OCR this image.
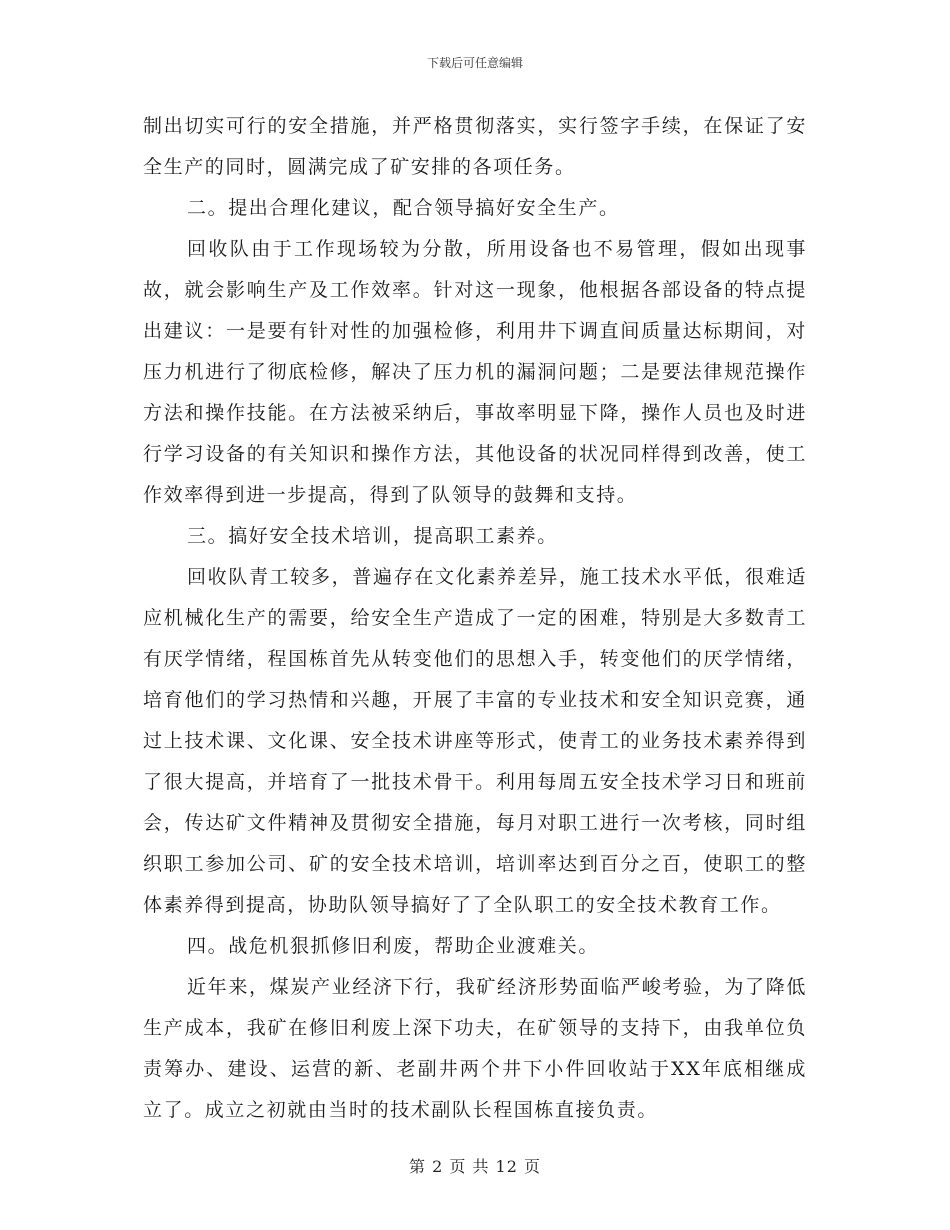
下载后可任意编辑

制出切实可行的安全措施，并严格贯彻落实，实行签字手续，在保证了安全生产的同时，圆满完成了矿安排的各项任务。

二。提出合理化建议，配合领导搞好安全生产。

回收队由于工作现场较为分散，所用设备也不易管理，假如出现事故，就会影响生产及工作效率。针对这一现象，他根据各部设备的特点提出建议：一是要有针对性的加强检修，利用井下调直间质量达标期间，对压力机进行了彻底检修，解决了压力机的漏洞问题；二是要法律规范操作方法和操作技能。在方法被采纳后，事故率明显下降，操作人员也及时进行学习设备的有关知识和操作方法，其他设备的状况同样得到改善，使工作效率得到进一步提高，得到了队领导的鼓舞和支持。

三。搞好安全技术培训，提高职工素养。

回收队青工较多，普遍存在文化素养差异，施工技术水平低，很难适应机械化生产的需要，给安全生产造成了一定的困难，特别是大多数青工有厌学情绪，程国栋首先从转变他们的思想入手，转变他们的厌学情绪，培育他们的学习热情和兴趣，开展了丰富的专业技术和安全知识竞赛，通过上技术课、文化课、安全技术讲座等形式，使青工的业务技术素养得到了很大提高，并培育了一批技术骨干。利用每周五安全技术学习日和班前会，传达矿文件精神及贯彻安全措施，每月对职工进行一次考核，同时组织职工参加公司、矿的安全技术培训，培训率达到百分之百，使职工的整体素养得到提高，协助队领导搞好了了全队职工的安全技术教育工作。

四。战危机狠抓修旧利废，帮助企业渡难关。

近年来，煤炭产业经济下行，我矿经济形势面临严峻考验，为了降低生产成本，我矿在修旧利废上深下功夫，在矿领导的支持下，由我单位负责筹办、建设、运营的新、老副井两个井下小件回收站于XX年底相继成立了。成立之初就由当时的技术副队长程国栋直接负责。

第 2 页 共 12 页
